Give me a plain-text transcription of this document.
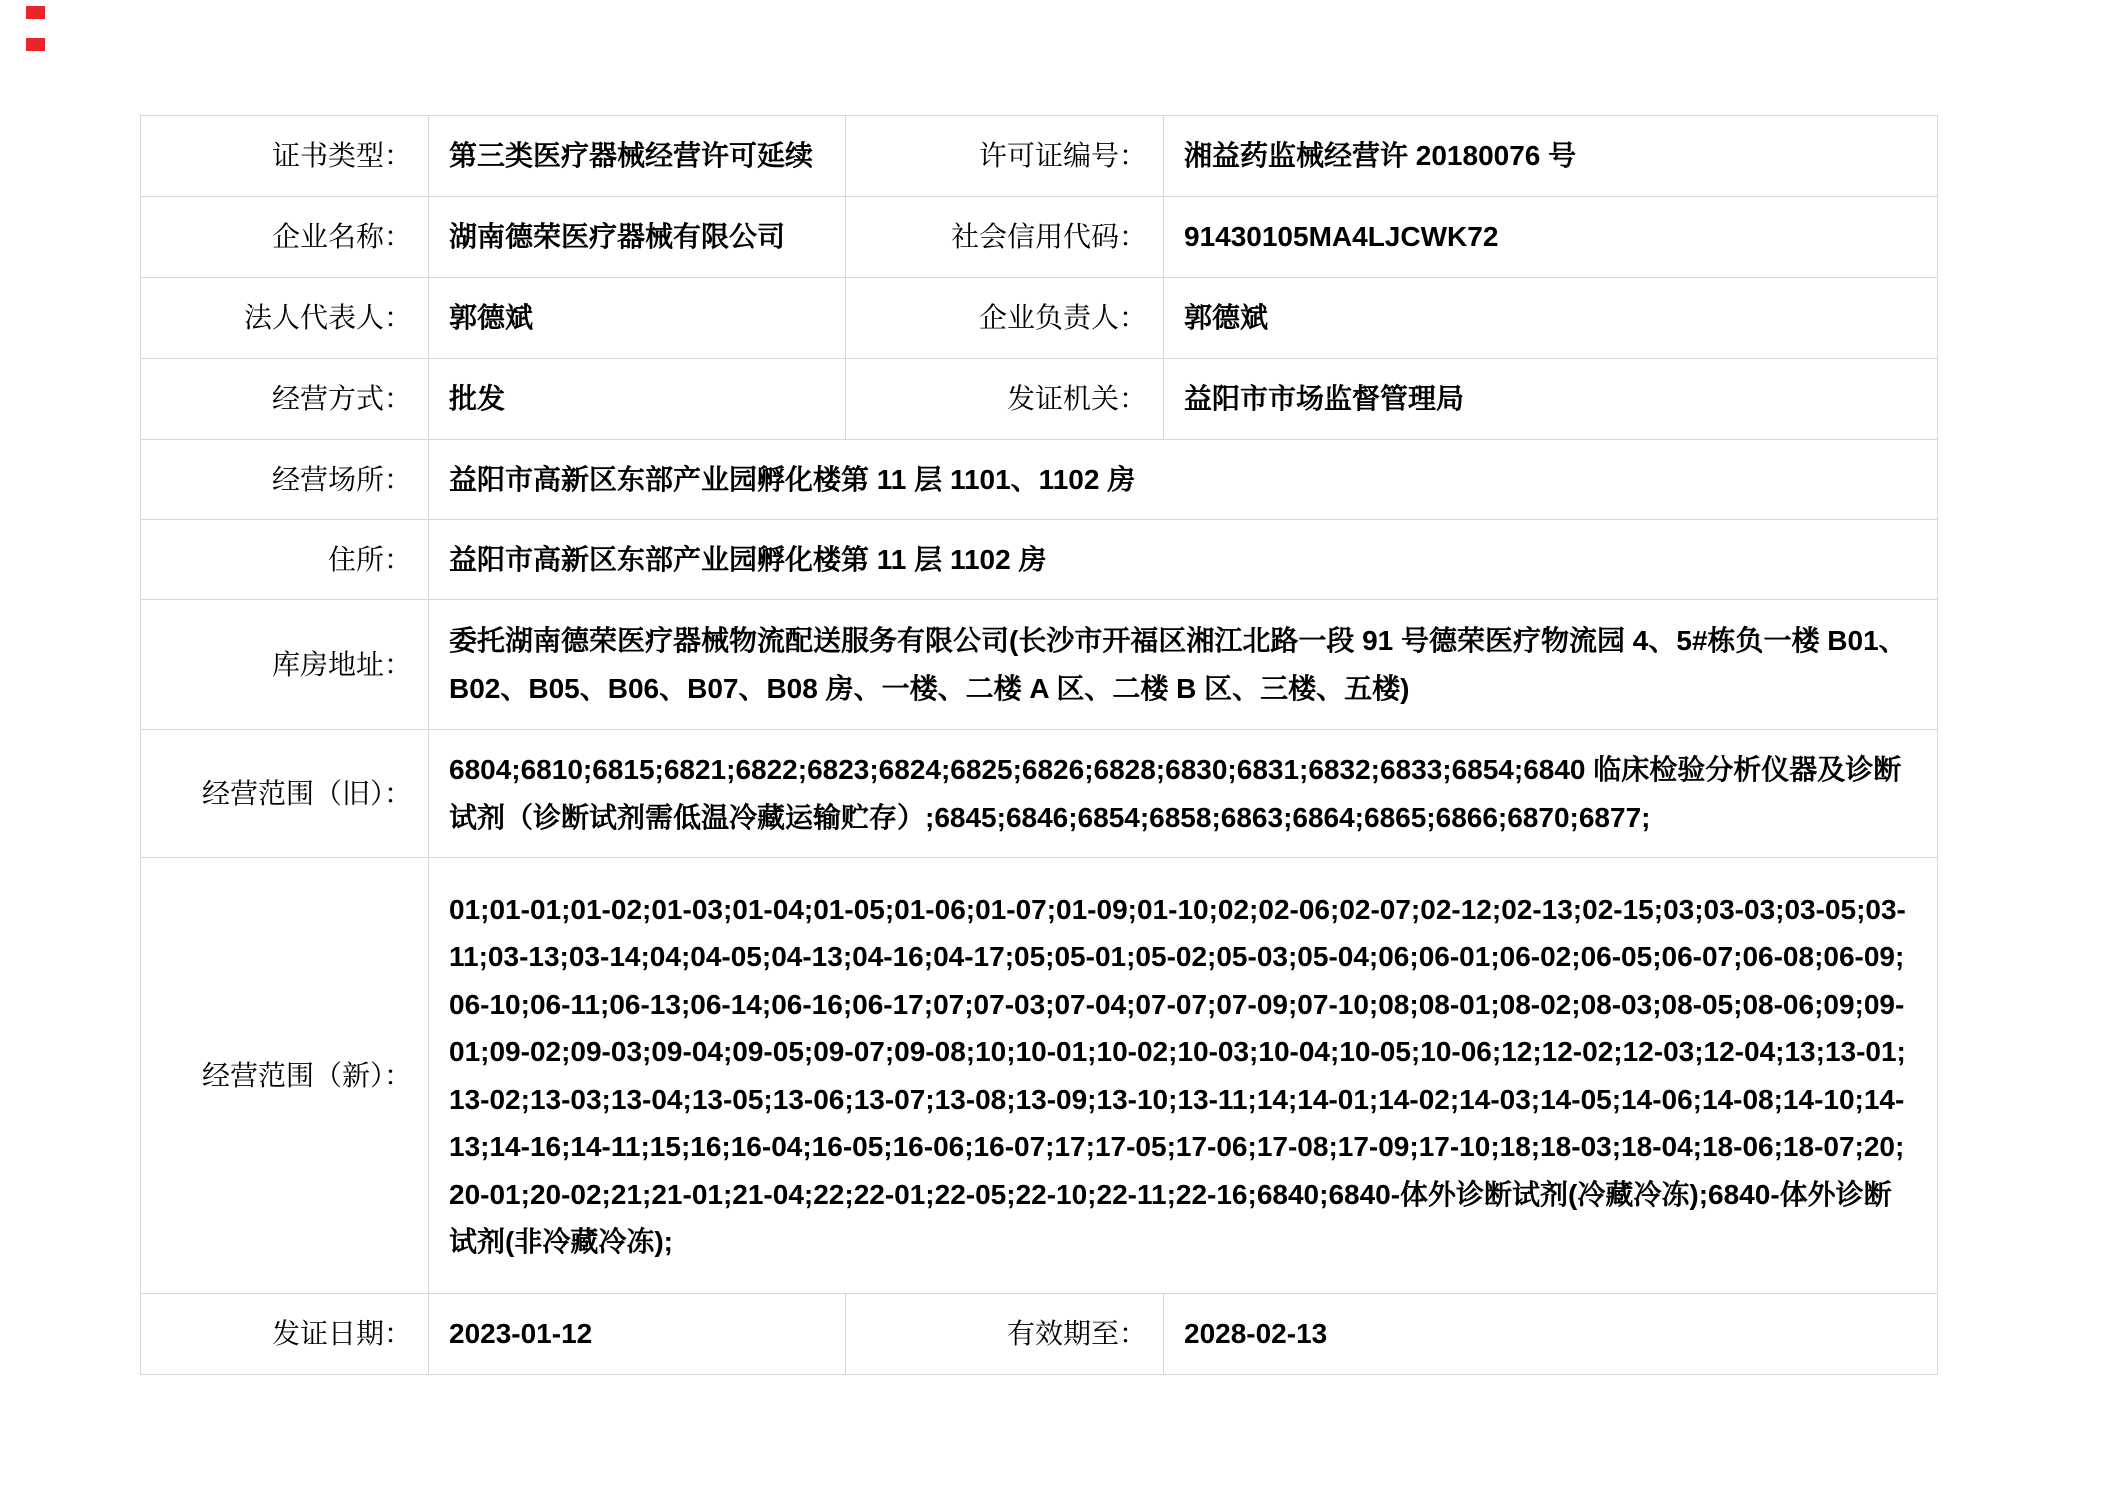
证书类型：	第三类医疗器械经营许可延续	许可证编号：	湘益药监械经营许 20180076 号
企业名称：	湖南德荣医疗器械有限公司	社会信用代码：	91430105MA4LJCWK72
法人代表人：	郭德斌	企业负责人：	郭德斌
经营方式：	批发	发证机关：	益阳市市场监督管理局
经营场所：	益阳市高新区东部产业园孵化楼第 11 层 1101、1102 房
住所：	益阳市高新区东部产业园孵化楼第 11 层 1102 房
库房地址：
委托湖南德荣医疗器械物流配送服务有限公司(长沙市开福区湘江北路一段 91 号德荣医疗物流园 4、5#栋负一楼 B01、B02、B05、B06、B07、B08 房、一楼、二楼 A 区、二楼 B 区、三楼、五楼)
经营范围（旧）：
6804;6810;6815;6821;6822;6823;6824;6825;6826;6828;6830;6831;6832;6833;6854;6840 临床检验分析仪器及诊断试剂（诊断试剂需低温冷藏运输贮存）;6845;6846;6854;6858;6863;6864;6865;6866;6870;6877;
经营范围（新）：
01;01-01;01-02;01-03;01-04;01-05;01-06;01-07;01-09;01-10;02;02-06;02-07;02-12;02-13;02-15;03;03-03;03-05;03-11;03-13;03-14;04;04-05;04-13;04-16;04-17;05;05-01;05-02;05-03;05-04;06;06-01;06-02;06-05;06-07;06-08;06-09;06-10;06-11;06-13;06-14;06-16;06-17;07;07-03;07-04;07-07;07-09;07-10;08;08-01;08-02;08-03;08-05;08-06;09;09-01;09-02;09-03;09-04;09-05;09-07;09-08;10;10-01;10-02;10-03;10-04;10-05;10-06;12;12-02;12-03;12-04;13;13-01;13-02;13-03;13-04;13-05;13-06;13-07;13-08;13-09;13-10;13-11;14;14-01;14-02;14-03;14-05;14-06;14-08;14-10;14-13;14-16;14-11;15;16;16-04;16-05;16-06;16-07;17;17-05;17-06;17-08;17-09;17-10;18;18-03;18-04;18-06;18-07;20;20-01;20-02;21;21-01;21-04;22;22-01;22-05;22-10;22-11;22-16;6840;6840-体外诊断试剂(冷藏冷冻);6840-体外诊断试剂(非冷藏冷冻);
发证日期：	2023-01-12	有效期至：	2028-02-13
